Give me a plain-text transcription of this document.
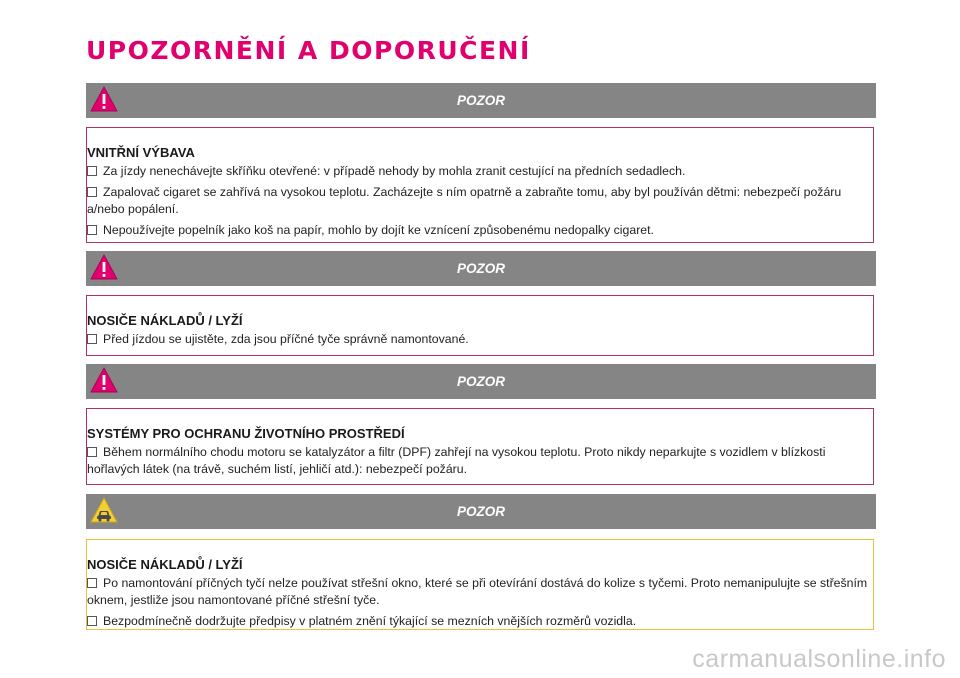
UPOZORNĚNÍ A DOPORUČENÍ
POZOR
VNITŘNÍ VÝBAVA
Za jízdy nenechávejte skříňku otevřené: v případě nehody by mohla zranit cestující na předních sedadlech.
Zapalovač cigaret se zahřívá na vysokou teplotu. Zacházejte s ním opatrně a zabraňte tomu, aby byl používán dětmi: nebezpečí požáru a/nebo popálení.
Nepoužívejte popelník jako koš na papír, mohlo by dojít ke vznícení způsobenému nedopalky cigaret.
POZOR
NOSIČE NÁKLADŮ / LYŽÍ
Před jízdou se ujistěte, zda jsou příčné tyče správně namontované.
POZOR
SYSTÉMY PRO OCHRANU ŽIVOTNÍHO PROSTŘEDÍ
Během normálního chodu motoru se katalyzátor a filtr (DPF) zahřejí na vysokou teplotu. Proto nikdy neparkujte s vozidlem v blízkosti hořlavých látek (na trávě, suchém listí, jehličí atd.): nebezpečí požáru.
POZOR
NOSIČE NÁKLADŮ / LYŽÍ
Po namontování příčných tyčí nelze používat střešní okno, které se při otevírání dostává do kolize s tyčemi. Proto nemanipulujte se střešním oknem, jestliže jsou namontované příčné střešní tyče.
Bezpodmínečně dodržujte předpisy v platném znění týkající se mezních vnějších rozměrů vozidla.
carmanualsonline.info
